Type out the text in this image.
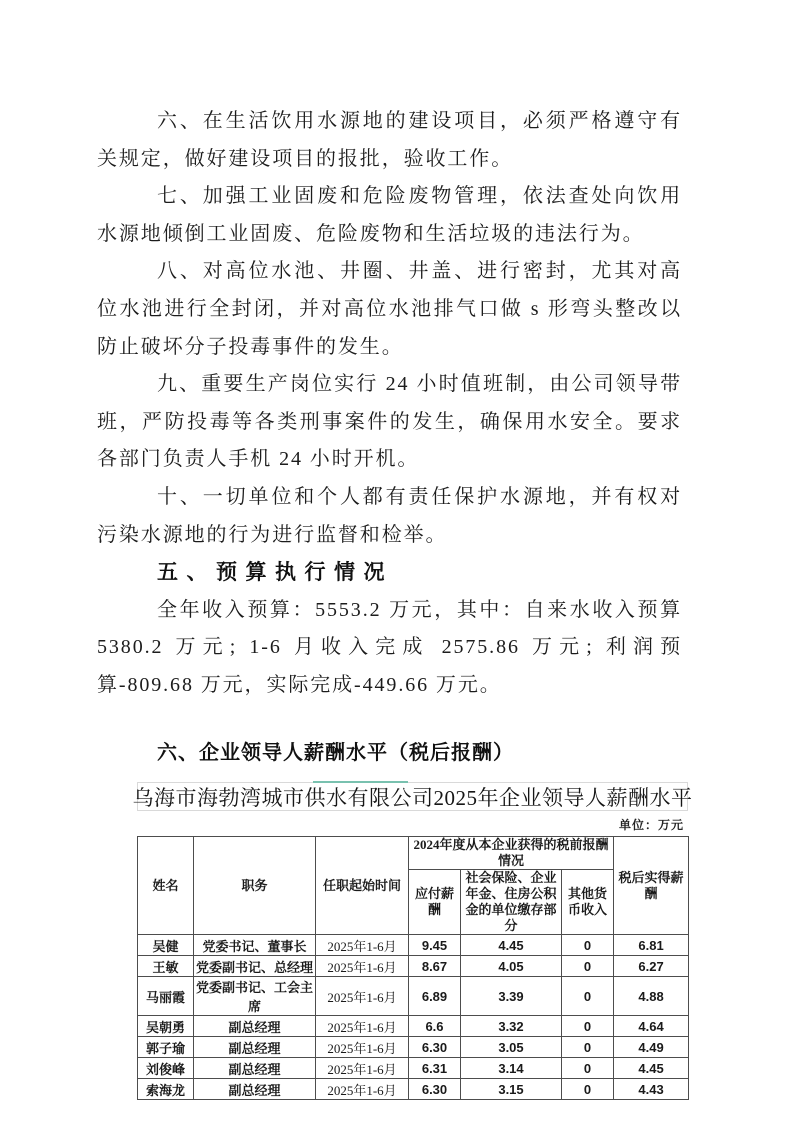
六、在生活饮用水源地的建设项目，必须严格遵守有关规定，做好建设项目的报批，验收工作。

七、加强工业固废和危险废物管理，依法查处向饮用水源地倾倒工业固废、危险废物和生活垃圾的违法行为。

八、对高位水池、井圈、井盖、进行密封，尤其对高位水池进行全封闭，并对高位水池排气口做 s 形弯头整改以防止破坏分子投毒事件的发生。

九、重要生产岗位实行 24 小时值班制，由公司领导带班，严防投毒等各类刑事案件的发生，确保用水安全。要求各部门负责人手机 24 小时开机。

十、一切单位和个人都有责任保护水源地，并有权对污染水源地的行为进行监督和检举。

五、预算执行情况

全年收入预算：5553.2 万元，其中：自来水收入预算 5380.2 万元; 1-6 月收入完成 2575.86 万元; 利润预算-809.68 万元，实际完成-449.66 万元。

六、企业领导人薪酬水平（税后报酬）
乌海市海勃湾城市供水有限公司2025年企业领导人薪酬水平
单位：万元
姓名	职务	任职起始时间	2024年度从本企业获得的税前报酬情况			税后实得薪酬
			应付薪酬	社会保险、企业年金、住房公积金的单位缴存部分	其他货币收入	
吴健	党委书记、董事长	2025年1-6月	9.45	4.45	0	6.81
王敏	党委副书记、总经理	2025年1-6月	8.67	4.05	0	6.27
马丽霞	党委副书记、工会主席	2025年1-6月	6.89	3.39	0	4.88
吴朝勇	副总经理	2025年1-6月	6.6	3.32	0	4.64
郭子瑜	副总经理	2025年1-6月	6.30	3.05	0	4.49
刘俊峰	副总经理	2025年1-6月	6.31	3.14	0	4.45
索海龙	副总经理	2025年1-6月	6.30	3.15	0	4.43
